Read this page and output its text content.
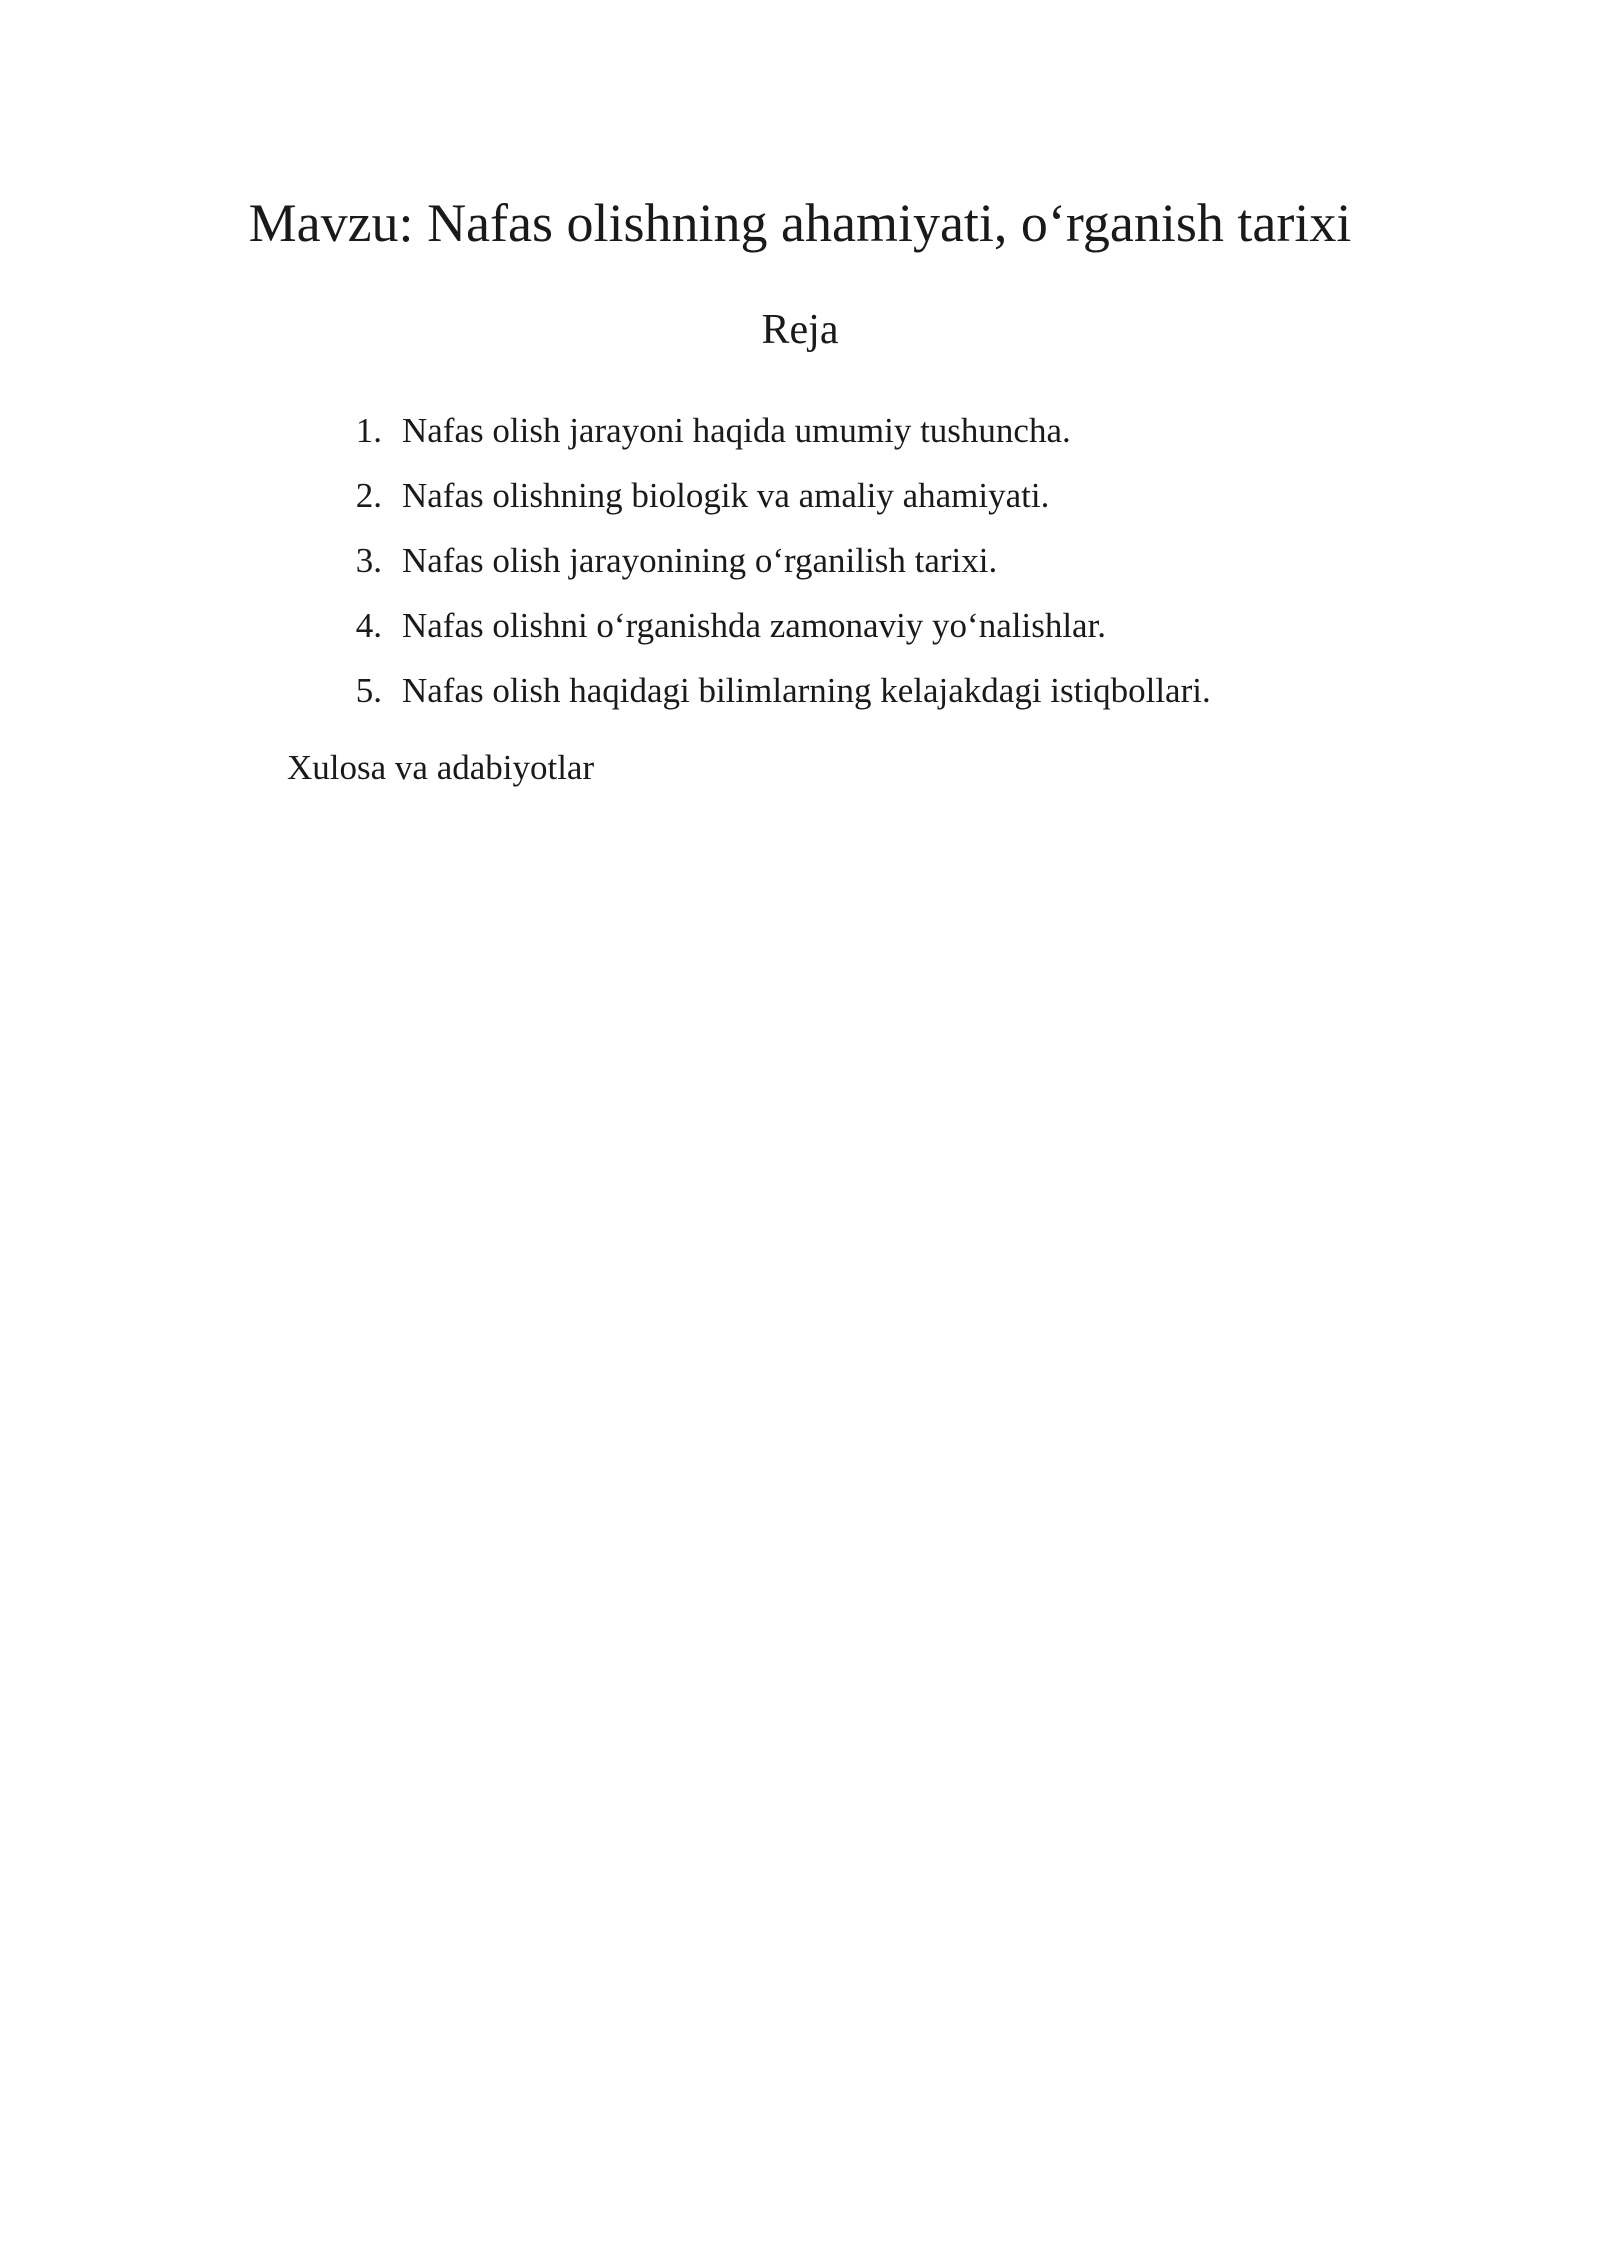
Mavzu: Nafas olishning ahamiyati, o‘rganish tarixi
Reja
1. Nafas olish jarayoni haqida umumiy tushuncha.
2. Nafas olishning biologik va amaliy ahamiyati.
3. Nafas olish jarayonining o‘rganilish tarixi.
4. Nafas olishni o‘rganishda zamonaviy yo‘nalishlar.
5. Nafas olish haqidagi bilimlarning kelajakdagi istiqbollari.

Xulosa va adabiyotlar
